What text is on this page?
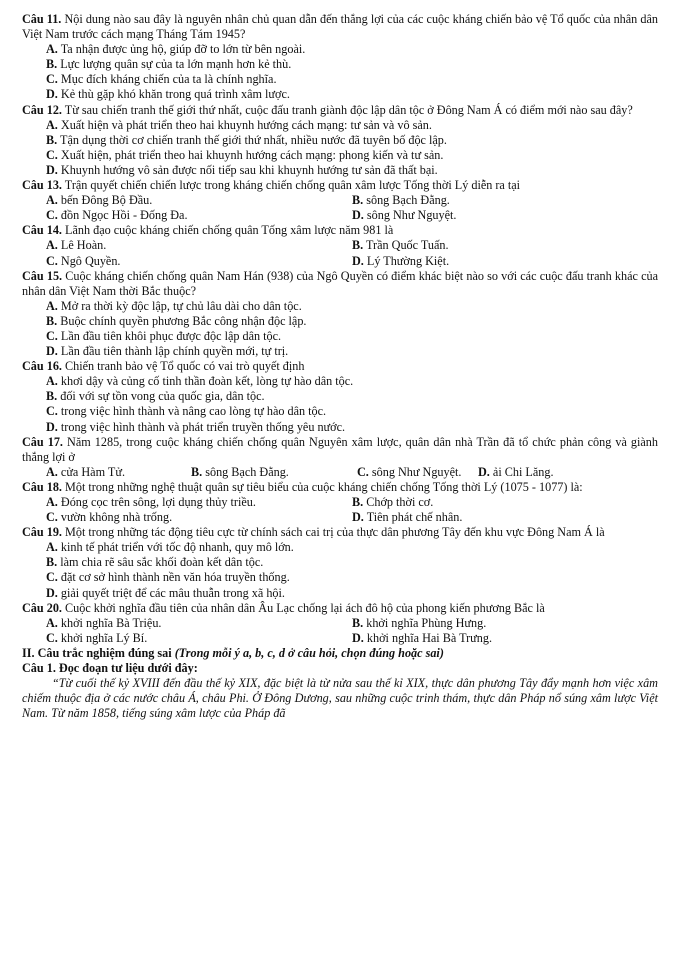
Câu 11. Nội dung nào sau đây là nguyên nhân chủ quan dẫn đến thắng lợi của các cuộc kháng chiến bảo vệ Tổ quốc của nhân dân Việt Nam trước cách mạng Tháng Tám 1945?

A. Ta nhận được ủng hộ, giúp đỡ to lớn từ bên ngoài.

B. Lực lượng quân sự của ta lớn mạnh hơn kẻ thù.

C. Mục đích kháng chiến của ta là chính nghĩa.

D. Kẻ thù gặp khó khăn trong quá trình xâm lược.

Câu 12. Từ sau chiến tranh thế giới thứ nhất, cuộc đấu tranh giành độc lập dân tộc ở Đông Nam Á có điểm mới nào sau đây?

A. Xuất hiện và phát triển theo hai khuynh hướng cách mạng: tư sản và vô sản.

B. Tận dụng thời cơ chiến tranh thế giới thứ nhất, nhiều nước đã tuyên bố độc lập.

C. Xuất hiện, phát triển theo hai khuynh hướng cách mạng: phong kiến và tư sản.

D. Khuynh hướng vô sản được nối tiếp sau khi khuynh hướng tư sản đã thất bại.

Câu 13. Trận quyết chiến chiến lược trong kháng chiến chống quân xâm lược Tống thời Lý diễn ra tại

A. bến Đông Bộ Đầu.	B. sông Bạch Đằng.
C. đồn Ngọc Hồi - Đống Đa.	D. sông Như Nguyệt.

Câu 14. Lãnh đạo cuộc kháng chiến chống quân Tống xâm lược năm 981 là

A. Lê Hoàn.	B. Trần Quốc Tuấn.
C. Ngô Quyền.	D. Lý Thường Kiệt.

Câu 15. Cuộc kháng chiến chống quân Nam Hán (938) của Ngô Quyền có điểm khác biệt nào so với các cuộc đấu tranh khác của nhân dân Việt Nam thời Bắc thuộc?

A. Mở ra thời kỳ độc lập, tự chủ lâu dài cho dân tộc.

B. Buộc chính quyền phương Bắc công nhận độc lập.

C. Lần đầu tiên khôi phục được độc lập dân tộc.

D. Lần đầu tiên thành lập chính quyền mới, tự trị.

Câu 16. Chiến tranh bảo vệ Tổ quốc có vai trò quyết định

A. khơi dậy và củng cố tinh thần đoàn kết, lòng tự hào dân tộc.

B. đối với sự tồn vong của quốc gia, dân tộc.

C. trong việc hình thành và nâng cao lòng tự hào dân tộc.

D. trong việc hình thành và phát triển truyền thống yêu nước.

Câu 17. Năm 1285, trong cuộc kháng chiến chống quân Nguyên xâm lược, quân dân nhà Trần đã tổ chức phản công và giành thắng lợi ở

A. cửa Hàm Tử.	B. sông Bạch Đằng.	C. sông Như Nguyệt.	D. ải Chi Lăng.

Câu 18. Một trong những nghệ thuật quân sự tiêu biểu của cuộc kháng chiến chống Tống thời Lý (1075 - 1077) là:

A. Đóng cọc trên sông, lợi dụng thủy triều.	B. Chớp thời cơ.
C. vườn không nhà trống.	D. Tiên phát chế nhân.

Câu 19. Một trong những tác động tiêu cực từ chính sách cai trị của thực dân phương Tây đến khu vực Đông Nam Á là

A. kinh tế phát triển với tốc độ nhanh, quy mô lớn.

B. làm chia rẽ sâu sắc khối đoàn kết dân tộc.

C. đặt cơ sở hình thành nền văn hóa truyền thống.

D. giải quyết triệt để các mâu thuẫn trong xã hội.

Câu 20. Cuộc khởi nghĩa đầu tiên của nhân dân Âu Lạc chống lại ách đô hộ của phong kiến phương Bắc là

A. khởi nghĩa Bà Triệu.	B. khởi nghĩa Phùng Hưng.
C. khởi nghĩa Lý Bí.	D. khởi nghĩa Hai Bà Trưng.

II. Câu trắc nghiệm đúng sai (Trong mỗi ý a, b, c, d ở câu hỏi, chọn đúng hoặc sai)

Câu 1. Đọc đoạn tư liệu dưới đây:

“Từ cuối thế kỷ XVIII đến đầu thế kỷ XIX, đặc biệt là từ nửa sau thế kỉ XIX, thực dân phương Tây đẩy mạnh hơn việc xâm chiếm thuộc địa ở các nước châu Á, châu Phi. Ở Đông Dương, sau những cuộc trinh thám, thực dân Pháp nổ súng xâm lược Việt Nam. Từ năm 1858, tiếng súng xâm lược của Pháp đã
